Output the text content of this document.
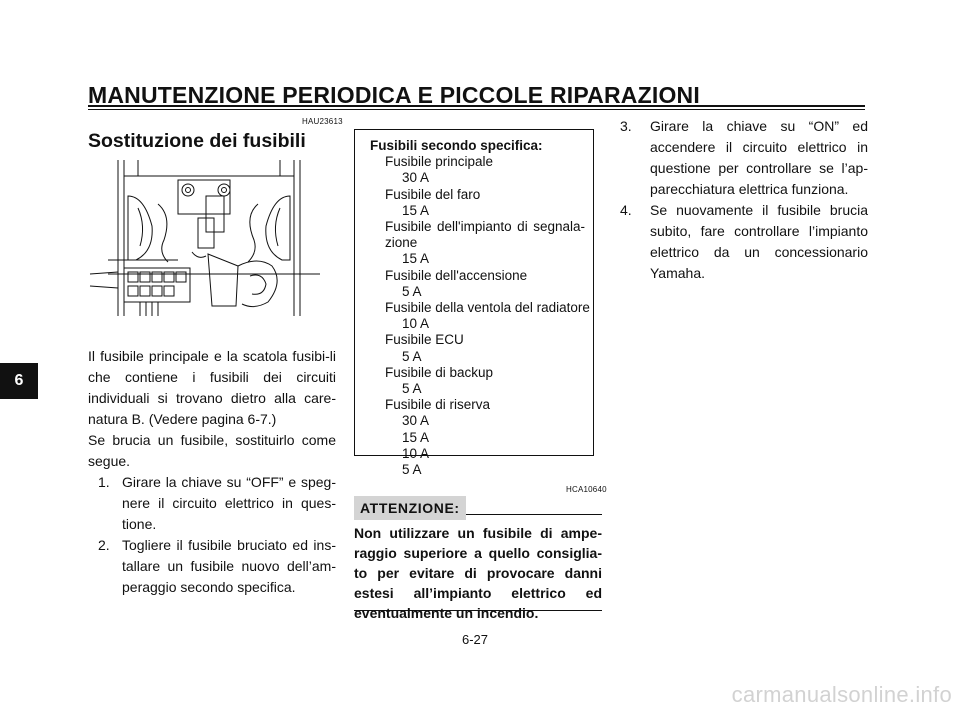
MANUTENZIONE PERIODICA E PICCOLE RIPARAZIONI
6
HAU23613
Sostituzione dei fusibili

Il fusibile principale e la scatola fusibi-li che contiene i fusibili dei circuiti individuali si trovano dietro alla care-natura B. (Vedere pagina 6-7.)

Se brucia un fusibile, sostituirlo come segue.

1. Girare la chiave su “OFF” e speg-nere il circuito elettrico in ques-tione.
2. Togliere il fusibile bruciato ed ins-tallare un fusibile nuovo dell’am-peraggio secondo specifica.
Fusibili secondo specifica:
Fusibile principale
30 A
Fusibile del faro
15 A
Fusibile dell'impianto di segnala-zione
15 A
Fusibile dell'accensione
5 A
Fusibile della ventola del radiatore
10 A
Fusibile ECU
5 A
Fusibile di backup
5 A
Fusibile di riserva
30 A
15 A
10 A
5 A
HCA10640
ATTENZIONE:
Non utilizzare un fusibile di ampe-raggio superiore a quello consiglia-to per evitare di provocare danni estesi all’impianto elettrico ed eventualmente un incendio.
3. Girare la chiave su “ON” ed accendere il circuito elettrico in questione per controllare se l’ap-parecchiatura elettrica funziona.
4. Se nuovamente il fusibile brucia subito, fare controllare l’impianto elettrico da un concessionario Yamaha.
6-27
carmanualsonline.info
